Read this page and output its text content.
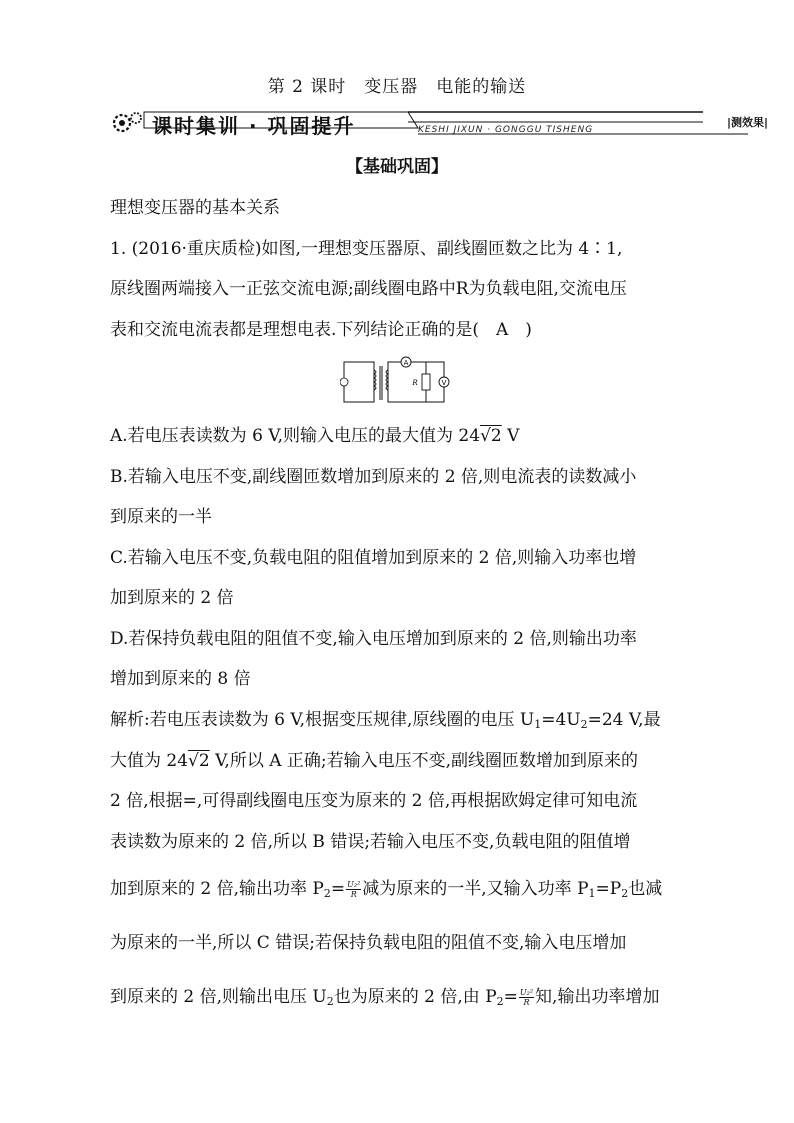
第 2 课时　变压器　电能的输送
课时集训 · 巩固提升	KESHI JIXUN · GONGGU TISHENG
|测效果|
【基础巩固】
理想变压器的基本关系
1. (2016·重庆质检)如图,一理想变压器原、副线圈匝数之比为 4∶1,
原线圈两端接入一正弦交流电源;副线圈电路中R为负载电阻,交流电压
表和交流电流表都是理想电表.下列结论正确的是(　A　)
A
R	V
A.若电压表读数为 6 V,则输入电压的最大值为 24√2 V
B.若输入电压不变,副线圈匝数增加到原来的 2 倍,则电流表的读数减小
到原来的一半
C.若输入电压不变,负载电阻的阻值增加到原来的 2 倍,则输入功率也增
加到原来的 2 倍
D.若保持负载电阻的阻值不变,输入电压增加到原来的 2 倍,则输出功率
增加到原来的 8 倍
解析:若电压表读数为 6 V,根据变压规律,原线圈的电压 $U_1=4U_2=24$ V,最
大值为 24√2 V,所以 A 正确;若输入电压不变,副线圈匝数增加到原来的
2 倍,根据=,可得副线圈电压变为原来的 2 倍,再根据欧姆定律可知电流
表读数为原来的 2 倍,所以 B 错误;若输入电压不变,负载电阻的阻值增
加到原来的 2 倍,输出功率 $P_2= \frac{\text{U₂²}}{R}$ 减为原来的一半,又输入功率 $P_1=P_2$也减
为原来的一半,所以 C 错误;若保持负载电阻的阻值不变,输入电压增加
到原来的 2 倍,则输出电压 $U_2$也为原来的 2 倍,由 $P_2= \frac{\text{U₂²}}{R}$ 知,输出功率增加
